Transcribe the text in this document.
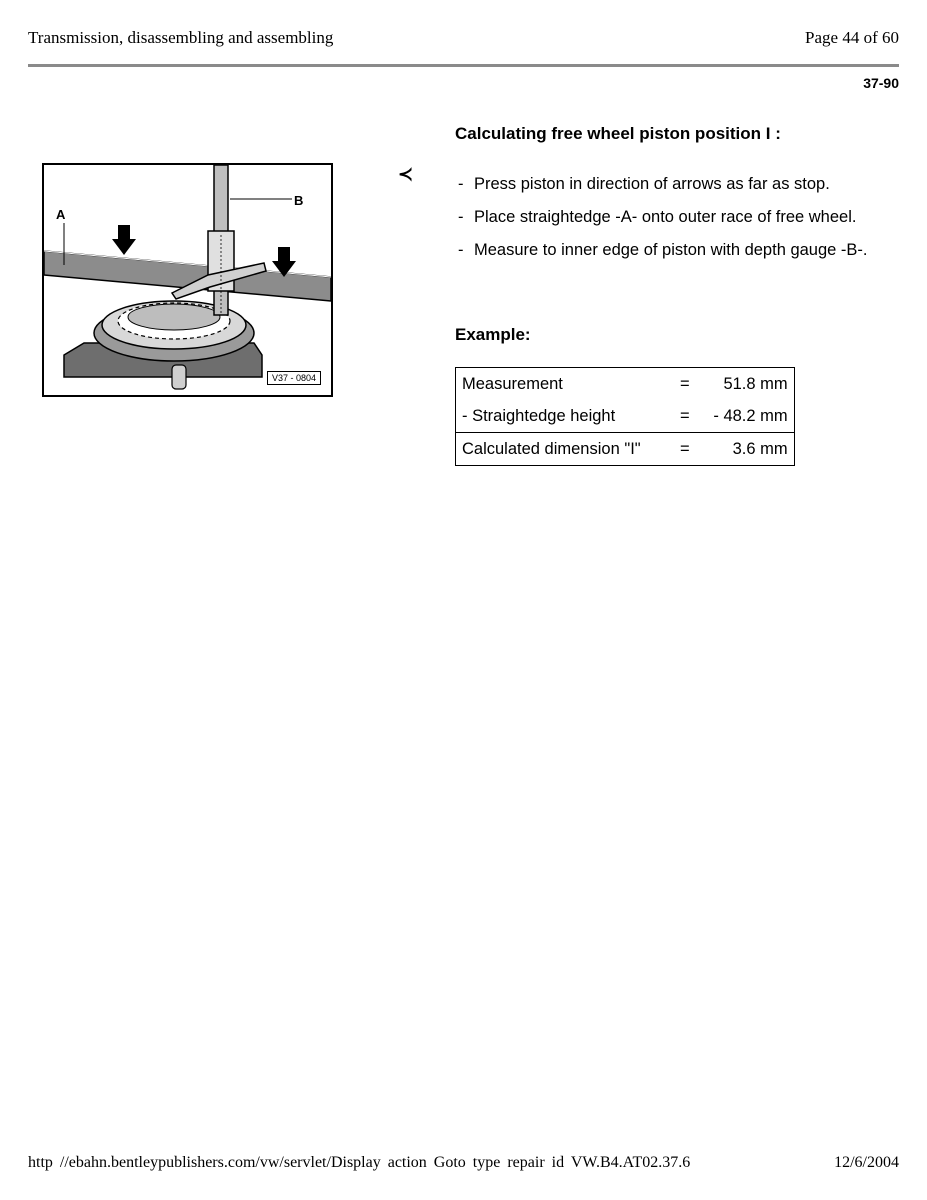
Transmission, disassembling and assembling	Page 44 of 60
37-90
A
B
V37 - 0804
≺
Calculating free wheel piston position I :
- Press piston in direction of arrows as far as stop.
- Place straightedge -A- onto outer race of free wheel.
- Measure to inner edge of piston with depth gauge -B-.
Example:
Measurement	=	51.8 mm
- Straightedge height	=	- 48.2 mm
Calculated dimension "I"	=	3.6 mm
http //ebahn.bentleypublishers.com/vw/servlet/Display action Goto type repair id VW.B4.AT02.37.6	12/6/2004
